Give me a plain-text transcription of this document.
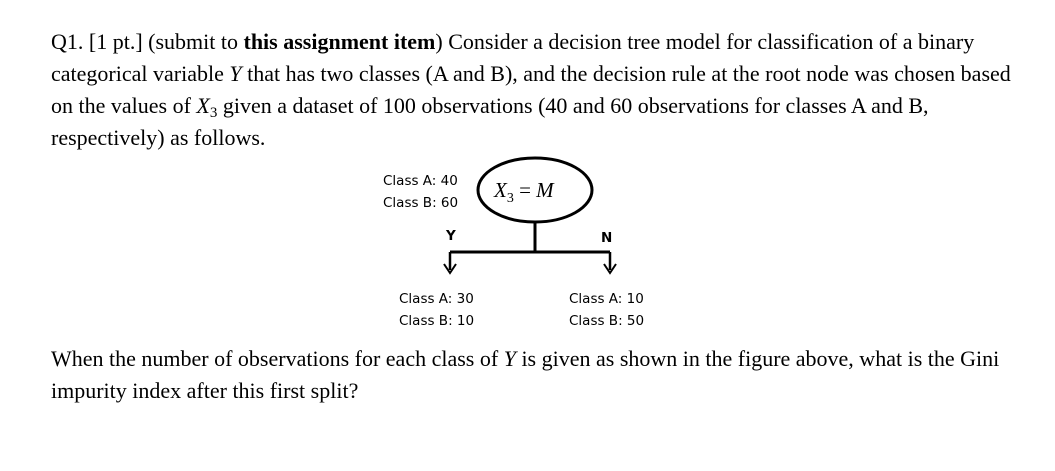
Q1. [1 pt.] (submit to this assignment item) Consider a decision tree model for classification of a binary categorical variable Y that has two classes (A and B), and the decision rule at the root node was chosen based on the values of $X_3$ given a dataset of 100 observations (40 and 60 observations for classes A and B, respectively) as follows.

Class A: 40
Class B: 60
$X_3 = M$
Y	N
Class A: 30
Class B: 10
Class A: 10
Class B: 50

When the number of observations for each class of Y is given as shown in the figure above, what is the Gini impurity index after this first split?
